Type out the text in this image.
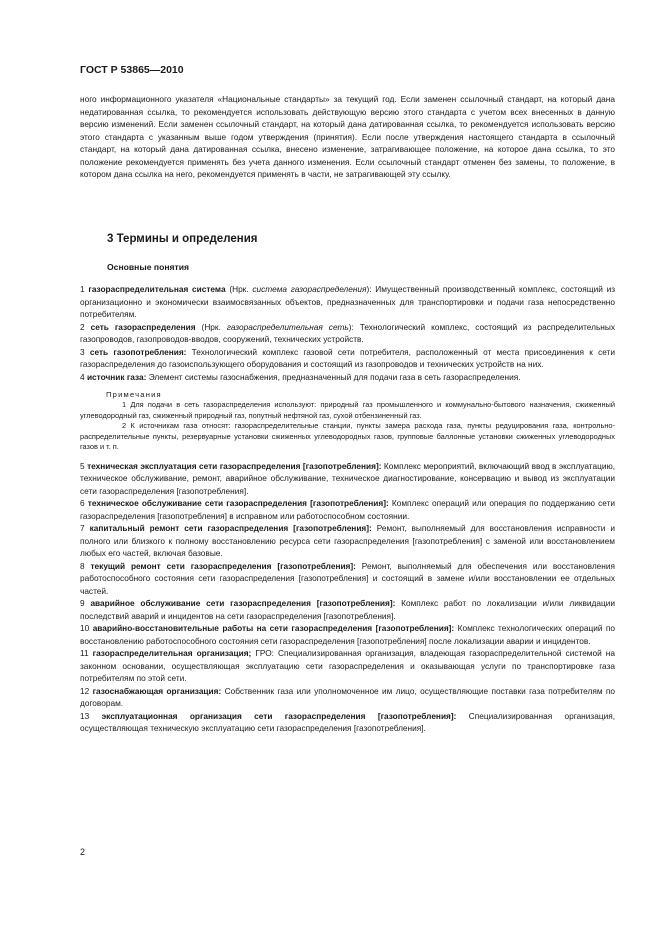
ГОСТ Р 53865—2010
ного информационного указателя «Национальные стандарты» за текущий год. Если заменен ссылочный стандарт, на который дана недатированная ссылка, то рекомендуется использовать действующую версию этого стандарта с учетом всех внесенных в данную версию изменений. Если заменен ссылочный стандарт, на который дана датированная ссылка, то рекомендуется использовать версию этого стандарта с указанным выше годом утверждения (принятия). Если после утверждения настоящего стандарта в ссылочный стандарт, на который дана датированная ссылка, внесено изменение, затрагивающее положение, на которое дана ссылка, то это положение рекомендуется применять без учета данного изменения. Если ссылочный стандарт отменен без замены, то положение, в котором дана ссылка на него, рекомендуется применять в части, не затрагивающей эту ссылку.
3 Термины и определения
Основные понятия

1 газораспределительная система (Нрк. система газораспределения): Имущественный производственный комплекс, состоящий из организационно и экономически взаимосвязанных объектов, предназначенных для транспортировки и подачи газа непосредственно потребителям.

2 сеть газораспределения (Нрк. газораспределительная сеть): Технологический комплекс, состоящий из распределительных газопроводов, газопроводов-вводов, сооружений, технических устройств.

3 сеть газопотребления: Технологический комплекс газовой сети потребителя, расположенный от места присоединения к сети газораспределения до газоиспользующего оборудования и состоящий из газопроводов и технических устройств на них.

4 источник газа: Элемент системы газоснабжения, предназначенный для подачи газа в сеть газораспределения.

Примечания

1 Для подачи в сеть газораспределения используют: природный газ промышленного и коммунально-бытового назначения, сжиженный углеводородный газ, сжиженный природный газ, попутный нефтяной газ, сухой отбензиненный газ.

2 К источникам газа относят: газораспределительные станции, пункты замера расхода газа, пункты редуцирования газа, контрольно-распределительные пункты, резервуарные установки сжиженных углеводородных газов, групповые баллонные установки сжиженных углеводородных газов и т. п.

5 техническая эксплуатация сети газораспределения [газопотребления]: Комплекс мероприятий, включающий ввод в эксплуатацию, техническое обслуживание, ремонт, аварийное обслуживание, техническое диагностирование, консервацию и вывод из эксплуатации сети газораспределения [газопотребления].

6 техническое обслуживание сети газораспределения [газопотребления]: Комплекс операций или операция по поддержанию сети газораспределения [газопотребления] в исправном или работоспособном состоянии.

7 капитальный ремонт сети газораспределения [газопотребления]: Ремонт, выполняемый для восстановления исправности и полного или близкого к полному восстановлению ресурса сети газораспределения [газопотребления] с заменой или восстановлением любых его частей, включая базовые.

8 текущий ремонт сети газораспределения [газопотребления]: Ремонт, выполняемый для обеспечения или восстановления работоспособного состояния сети газораспределения [газопотребления] и состоящий в замене и/или восстановлении ее отдельных частей.

9 аварийное обслуживание сети газораспределения [газопотребления]: Комплекс работ по локализации и/или ликвидации последствий аварий и инцидентов на сети газораспределения [газопотребления].

10 аварийно-восстановительные работы на сети газораспределения [газопотребления]: Комплекс технологических операций по восстановлению работоспособного состояния сети газораспределения [газопотребления] после локализации аварии и инцидентов.

11 газораспределительная организация; ГРО: Специализированная организация, владеющая газораспределительной системой на законном основании, осуществляющая эксплуатацию сети газораспределения и оказывающая услуги по транспортировке газа потребителям по этой сети.

12 газоснабжающая организация: Собственник газа или уполномоченное им лицо, осуществляющие поставки газа потребителям по договорам.

13 эксплуатационная организация сети газораспределения [газопотребления]: Специализированная организация, осуществляющая техническую эксплуатацию сети газораспределения [газопотребления].

2
